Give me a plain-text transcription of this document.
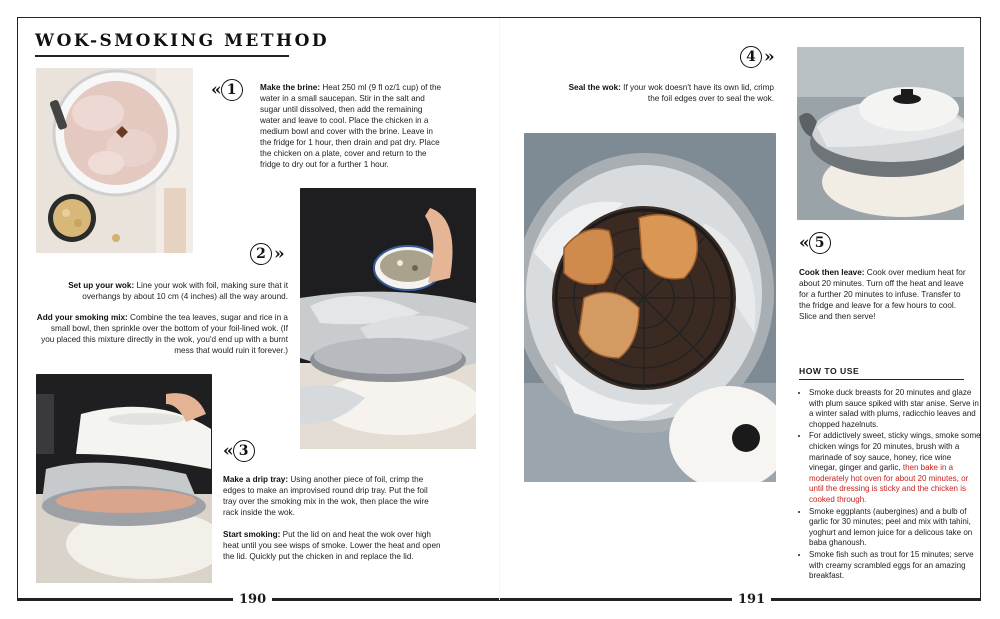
WOK-SMOKING METHOD
« 1	Make the brine: Heat 250 ml (9 fl oz/1 cup) of the water in a small saucepan. Stir in the salt and sugar until dissolved, then add the remaining water and leave to cool. Place the chicken in a medium bowl and cover with the brine. Leave in the fridge for 1 hour, then drain and pat dry. Place the chicken on a plate, cover and return to the fridge to dry out for a further 1 hour.
2 »
Set up your wok: Line your wok with foil, making sure that it overhangs by about 10 cm (4 inches) all the way around.
Add your smoking mix: Combine the tea leaves, sugar and rice in a small bowl, then sprinkle over the bottom of your foil-lined wok. (If you placed this mixture directly in the wok, you'd end up with a burnt mess that would ruin it forever.)
« 3
Make a drip tray: Using another piece of foil, crimp the edges to make an improvised round drip tray. Put the foil tray over the smoking mix in the wok, then place the wire rack inside the wok.
Start smoking: Put the lid on and heat the wok over high heat until you see wisps of smoke. Lower the heat and open the lid. Quickly put the chicken in and replace the lid.
4 »
Seal the wok: If your wok doesn't have its own lid, crimp the foil edges over to seal the wok.
« 5
Cook then leave: Cook over medium heat for about 20 minutes. Turn off the heat and leave for a further 20 minutes to infuse. Transfer to the fridge and leave for a few hours to cool. Slice and then serve!
HOW TO USE
• Smoke duck breasts for 20 minutes and glaze with plum sauce spiked with star anise. Serve in a winter salad with plums, radicchio leaves and chopped hazelnuts.
• For addictively sweet, sticky wings, smoke some chicken wings for 20 minutes, brush with a marinade of soy sauce, honey, rice wine vinegar, ginger and garlic, then bake in a moderately hot oven for about 20 minutes, or until the dressing is sticky and the chicken is cooked through.
• Smoke eggplants (aubergines) and a bulb of garlic for 30 minutes; peel and mix with tahini, yoghurt and lemon juice for a delicous take on baba ghanoush.
• Smoke fish such as trout for 15 minutes; serve with creamy scrambled eggs for an amazing breakfast.
190	191
